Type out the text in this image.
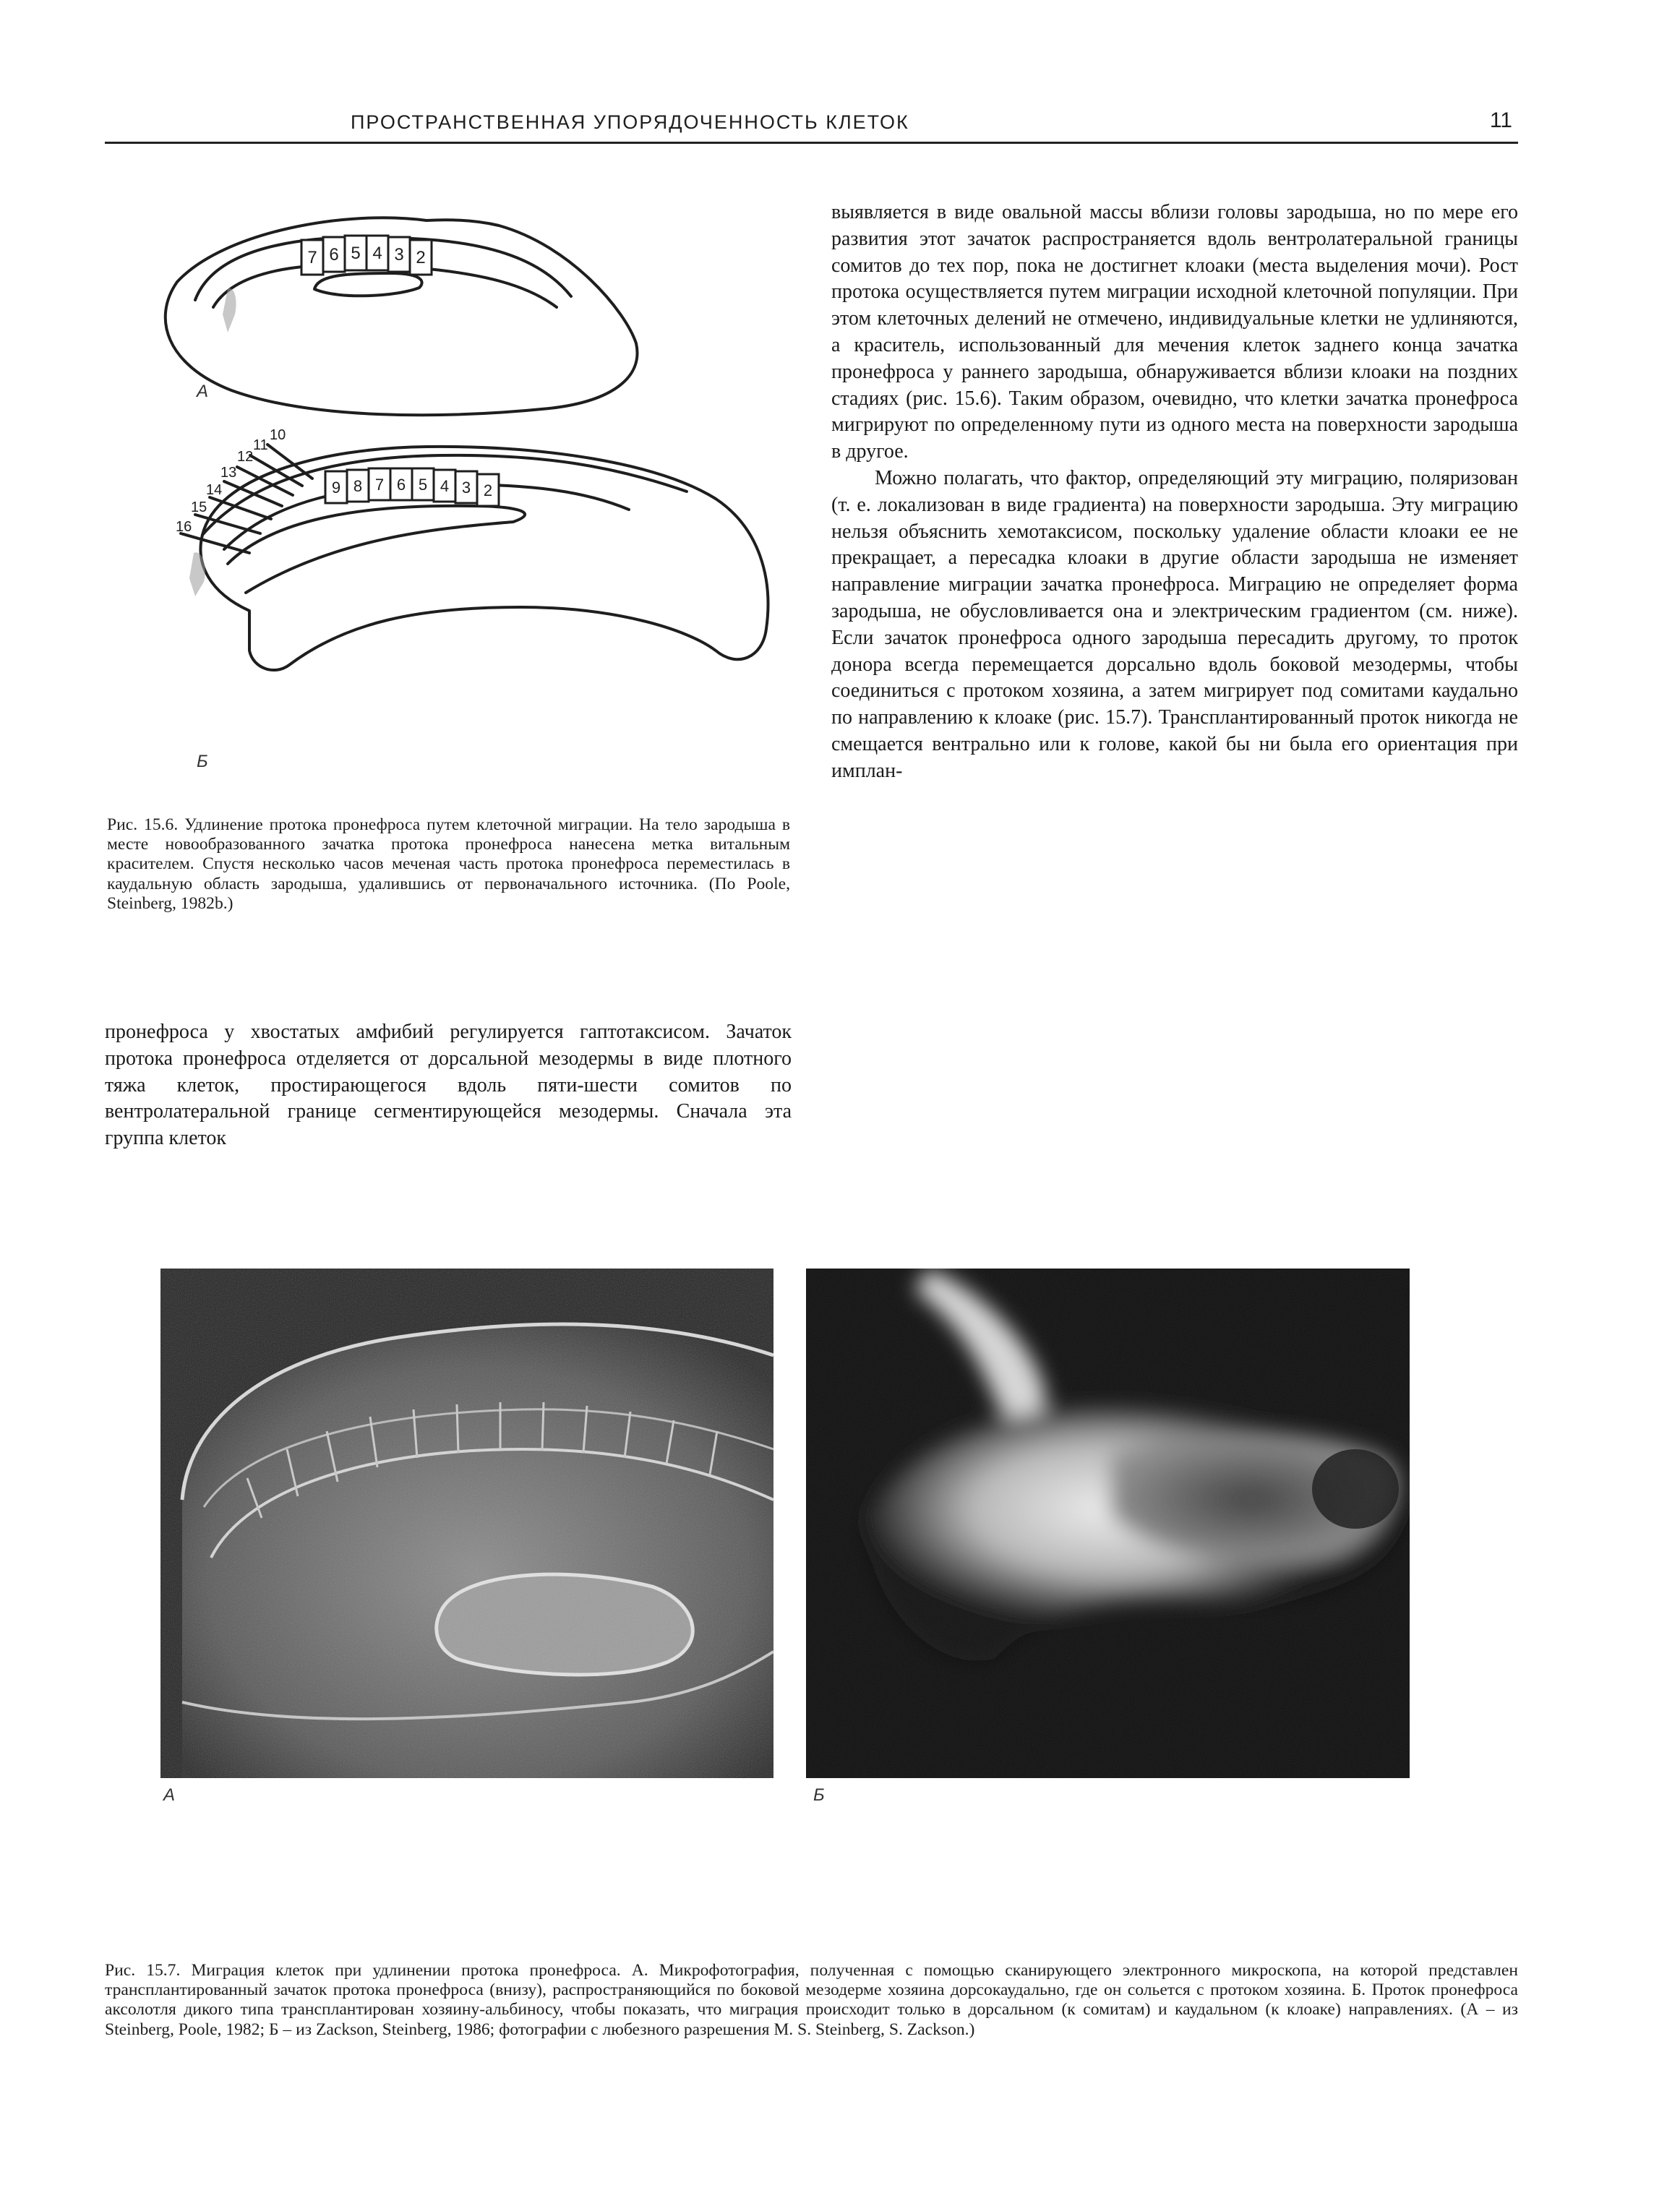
ПРОСТРАНСТВЕННАЯ УПОРЯДОЧЕННОСТЬ КЛЕТОК	11
7 6 5 4 3 2
9 8 7 6 5 4 3 2
10
11
12
13
14
15
16
А
Б
Рис. 15.6. Удлинение протока пронефроса путем клеточной миграции. На тело зародыша в месте новообразованного зачатка протока пронефроса нанесена метка витальным красителем. Спустя несколько часов меченая часть протока пронефроса переместилась в каудальную область зародыша, удалившись от первоначального источника. (По Poole, Steinberg, 1982b.)

выявляется в виде овальной массы вблизи головы зародыша, но по мере его развития этот зачаток распространяется вдоль вентролатеральной границы сомитов до тех пор, пока не достигнет клоаки (места выделения мочи). Рост протока осуществляется путем миграции исходной клеточной популяции. При этом клеточных делений не отмечено, индивидуальные клетки не удлиняются, а краситель, использованный для мечения клеток заднего конца зачатка пронефроса у раннего зародыша, обнаруживается вблизи клоаки на поздних стадиях (рис. 15.6). Таким образом, очевидно, что клетки зачатка пронефроса мигрируют по определенному пути из одного места на поверхности зародыша в другое.

Можно полагать, что фактор, определяющий эту миграцию, поляризован (т. е. локализован в виде градиента) на поверхности зародыша. Эту миграцию нельзя объяснить хемотаксисом, поскольку удаление области клоаки ее не прекращает, а пересадка клоаки в другие области зародыша не изменяет направление миграции зачатка пронефроса. Миграцию не определяет форма зародыша, не обусловливается она и электрическим градиентом (см. ниже). Если зачаток пронефроса одного зародыша пересадить другому, то проток донора всегда перемещается дорсально вдоль боковой мезодермы, чтобы соединиться с протоком хозяина, а затем мигрирует под сомитами каудально по направлению к клоаке (рис. 15.7). Трансплантированный проток никогда не смещается вентрально или к голове, какой бы ни была его ориентация при имплан-

пронефроса у хвостатых амфибий регулируется гаптотаксисом. Зачаток протока пронефроса отделяется от дорсальной мезодермы в виде плотного тяжа клеток, простирающегося вдоль пяти-шести сомитов по вентролатеральной границе сегментирующейся мезодермы. Сначала эта группа клеток

А	Б
Рис. 15.7. Миграция клеток при удлинении протока пронефроса. А. Микрофотография, полученная с помощью сканирующего электронного микроскопа, на которой представлен трансплантированный зачаток протока пронефроса (внизу), распространяющийся по боковой мезодерме хозяина дорсокаудально, где он сольется с протоком хозяина. Б. Проток пронефроса аксолотля дикого типа трансплантирован хозяину-альбиносу, чтобы показать, что миграция происходит только в дорсальном (к сомитам) и каудальном (к клоаке) направлениях. (А – из Steinberg, Poole, 1982; Б – из Zackson, Steinberg, 1986; фотографии с любезного разрешения M. S. Steinberg, S. Zackson.)
